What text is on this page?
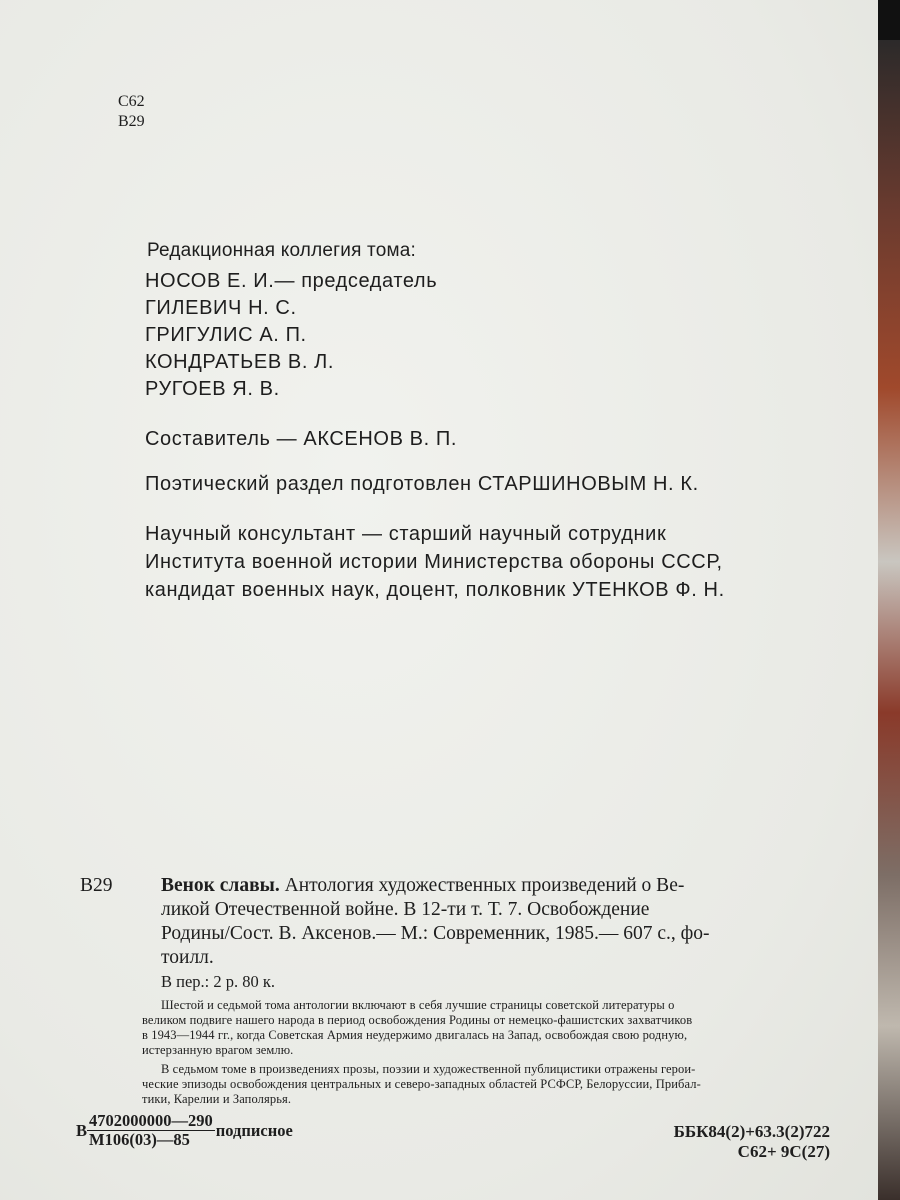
С62
В29
Редакционная коллегия тома:
НОСОВ Е. И.— председатель
ГИЛЕВИЧ Н. С.
ГРИГУЛИС А. П.
КОНДРАТЬЕВ В. Л.
РУГОЕВ Я. В.
Составитель — АКСЕНОВ В. П.
Поэтический раздел подготовлен СТАРШИНОВЫМ Н. К.
Научный консультант — старший научный сотрудник
Института военной истории Министерства обороны СССР,
кандидат военных наук, доцент, полковник УТЕНКОВ Ф. Н.
В29 Венок славы. Антология художественных произведений о Ве-
ликой Отечественной войне. В 12-ти т. Т. 7. Освобождение
Родины/Сост. В. Аксенов.— М.: Современник, 1985.— 607 с., фо-
тоилл.
В пер.: 2 р. 80 к.
Шестой и седьмой тома антологии включают в себя лучшие страницы советской литературы о
великом подвиге нашего народа в период освобождения Родины от немецко-фашистских захватчиков
в 1943—1944 гг., когда Советская Армия неудержимо двигалась на Запад, освобождая свою родную,
истерзанную врагом землю.
В седьмом томе в произведениях прозы, поэзии и художественной публицистики отражены герои-
ческие эпизоды освобождения центральных и северо-западных областей РСФСР, Белоруссии, Прибал-
тики, Карелии и Заполярья.
В $\frac{4702000000—290}{М106(03)—85}$ подписное	ББК84(2)+63.3(2)722
С62+ 9С(27)
